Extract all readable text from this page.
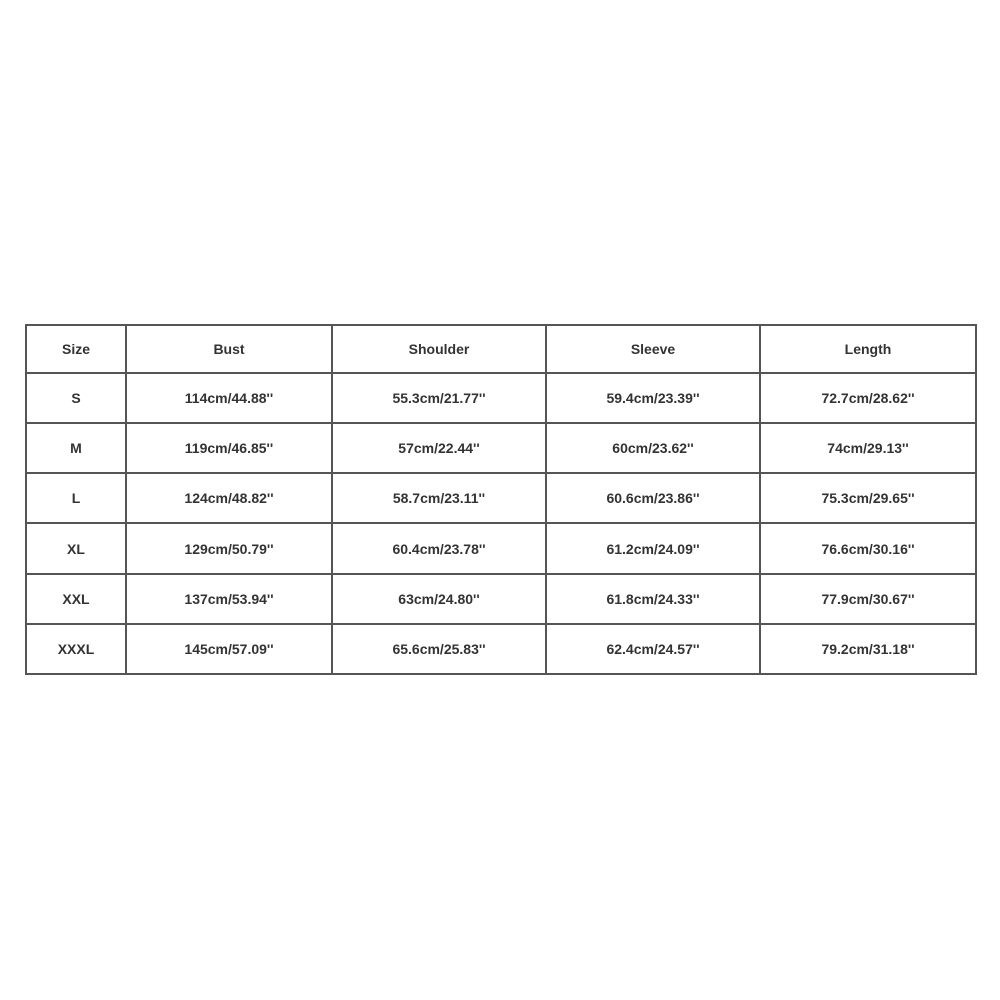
Size	Bust	Shoulder	Sleeve	Length
S	114cm/44.88''	55.3cm/21.77''	59.4cm/23.39''	72.7cm/28.62''
M	119cm/46.85''	57cm/22.44''	60cm/23.62''	74cm/29.13''
L	124cm/48.82''	58.7cm/23.11''	60.6cm/23.86''	75.3cm/29.65''
XL	129cm/50.79''	60.4cm/23.78''	61.2cm/24.09''	76.6cm/30.16''
XXL	137cm/53.94''	63cm/24.80''	61.8cm/24.33''	77.9cm/30.67''
XXXL	145cm/57.09''	65.6cm/25.83''	62.4cm/24.57''	79.2cm/31.18''
